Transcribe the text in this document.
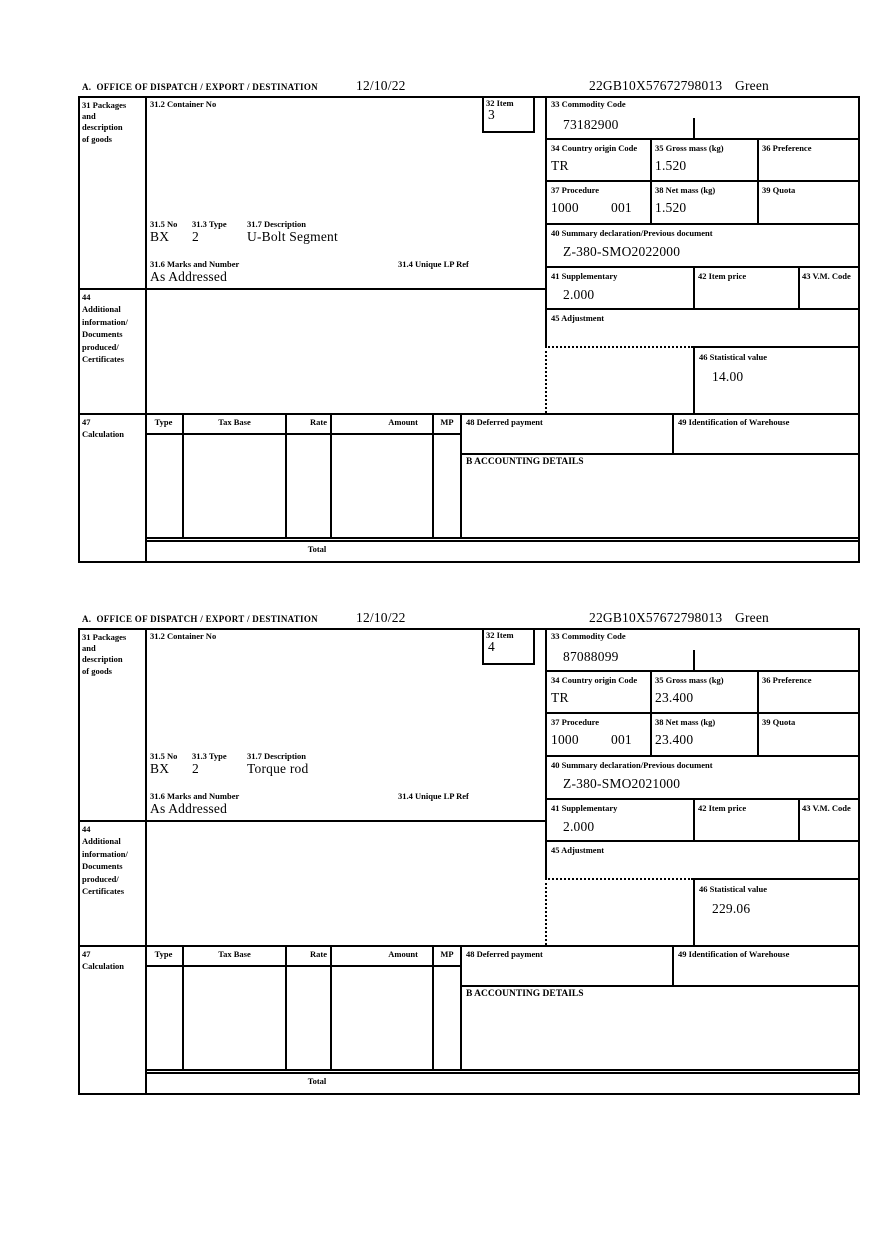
A.  OFFICE OF DISPATCH / EXPORT / DESTINATION	12/10/22	22GB10X57672798013 Green
31 Packages
and
description
of goods
44
Additional
information/
Documents
produced/
Certificates
47
Calculation
31.2 Container No	32 Item
3
31.5 No 31.3 Type 31.7 Description
BX 2	U-Bolt Segment
31.6 Marks and Number	31.4 Unique LP Ref
As Addressed
33 Commodity Code
73182900
34 Country origin Code
TR
35 Gross mass (kg)
1.520
36 Preference
37 Procedure
1000 001
38 Net mass (kg)
1.520
39 Quota
40 Summary declaration/Previous document
Z-380-SMO2022000
41 Supplementary
2.000
42 Item price	43 V.M. Code
45 Adjustment
46 Statistical value
14.00
Type	Tax Base	Rate	Amount	MP	48 Deferred payment	49 Identification of Warehouse
B ACCOUNTING DETAILS
Total
A.  OFFICE OF DISPATCH / EXPORT / DESTINATION	12/10/22	22GB10X57672798013 Green
31 Packages
and
description
of goods
44
Additional
information/
Documents
produced/
Certificates
47
Calculation
31.2 Container No	32 Item
4
31.5 No 31.3 Type 31.7 Description
BX 2	Torque rod
31.6 Marks and Number	31.4 Unique LP Ref
As Addressed
33 Commodity Code
87088099
34 Country origin Code
TR
35 Gross mass (kg)
23.400
36 Preference
37 Procedure
1000 001
38 Net mass (kg)
23.400
39 Quota
40 Summary declaration/Previous document
Z-380-SMO2021000
41 Supplementary
2.000
42 Item price	43 V.M. Code
45 Adjustment
46 Statistical value
229.06
Type	Tax Base	Rate	Amount	MP	48 Deferred payment	49 Identification of Warehouse
B ACCOUNTING DETAILS
Total
